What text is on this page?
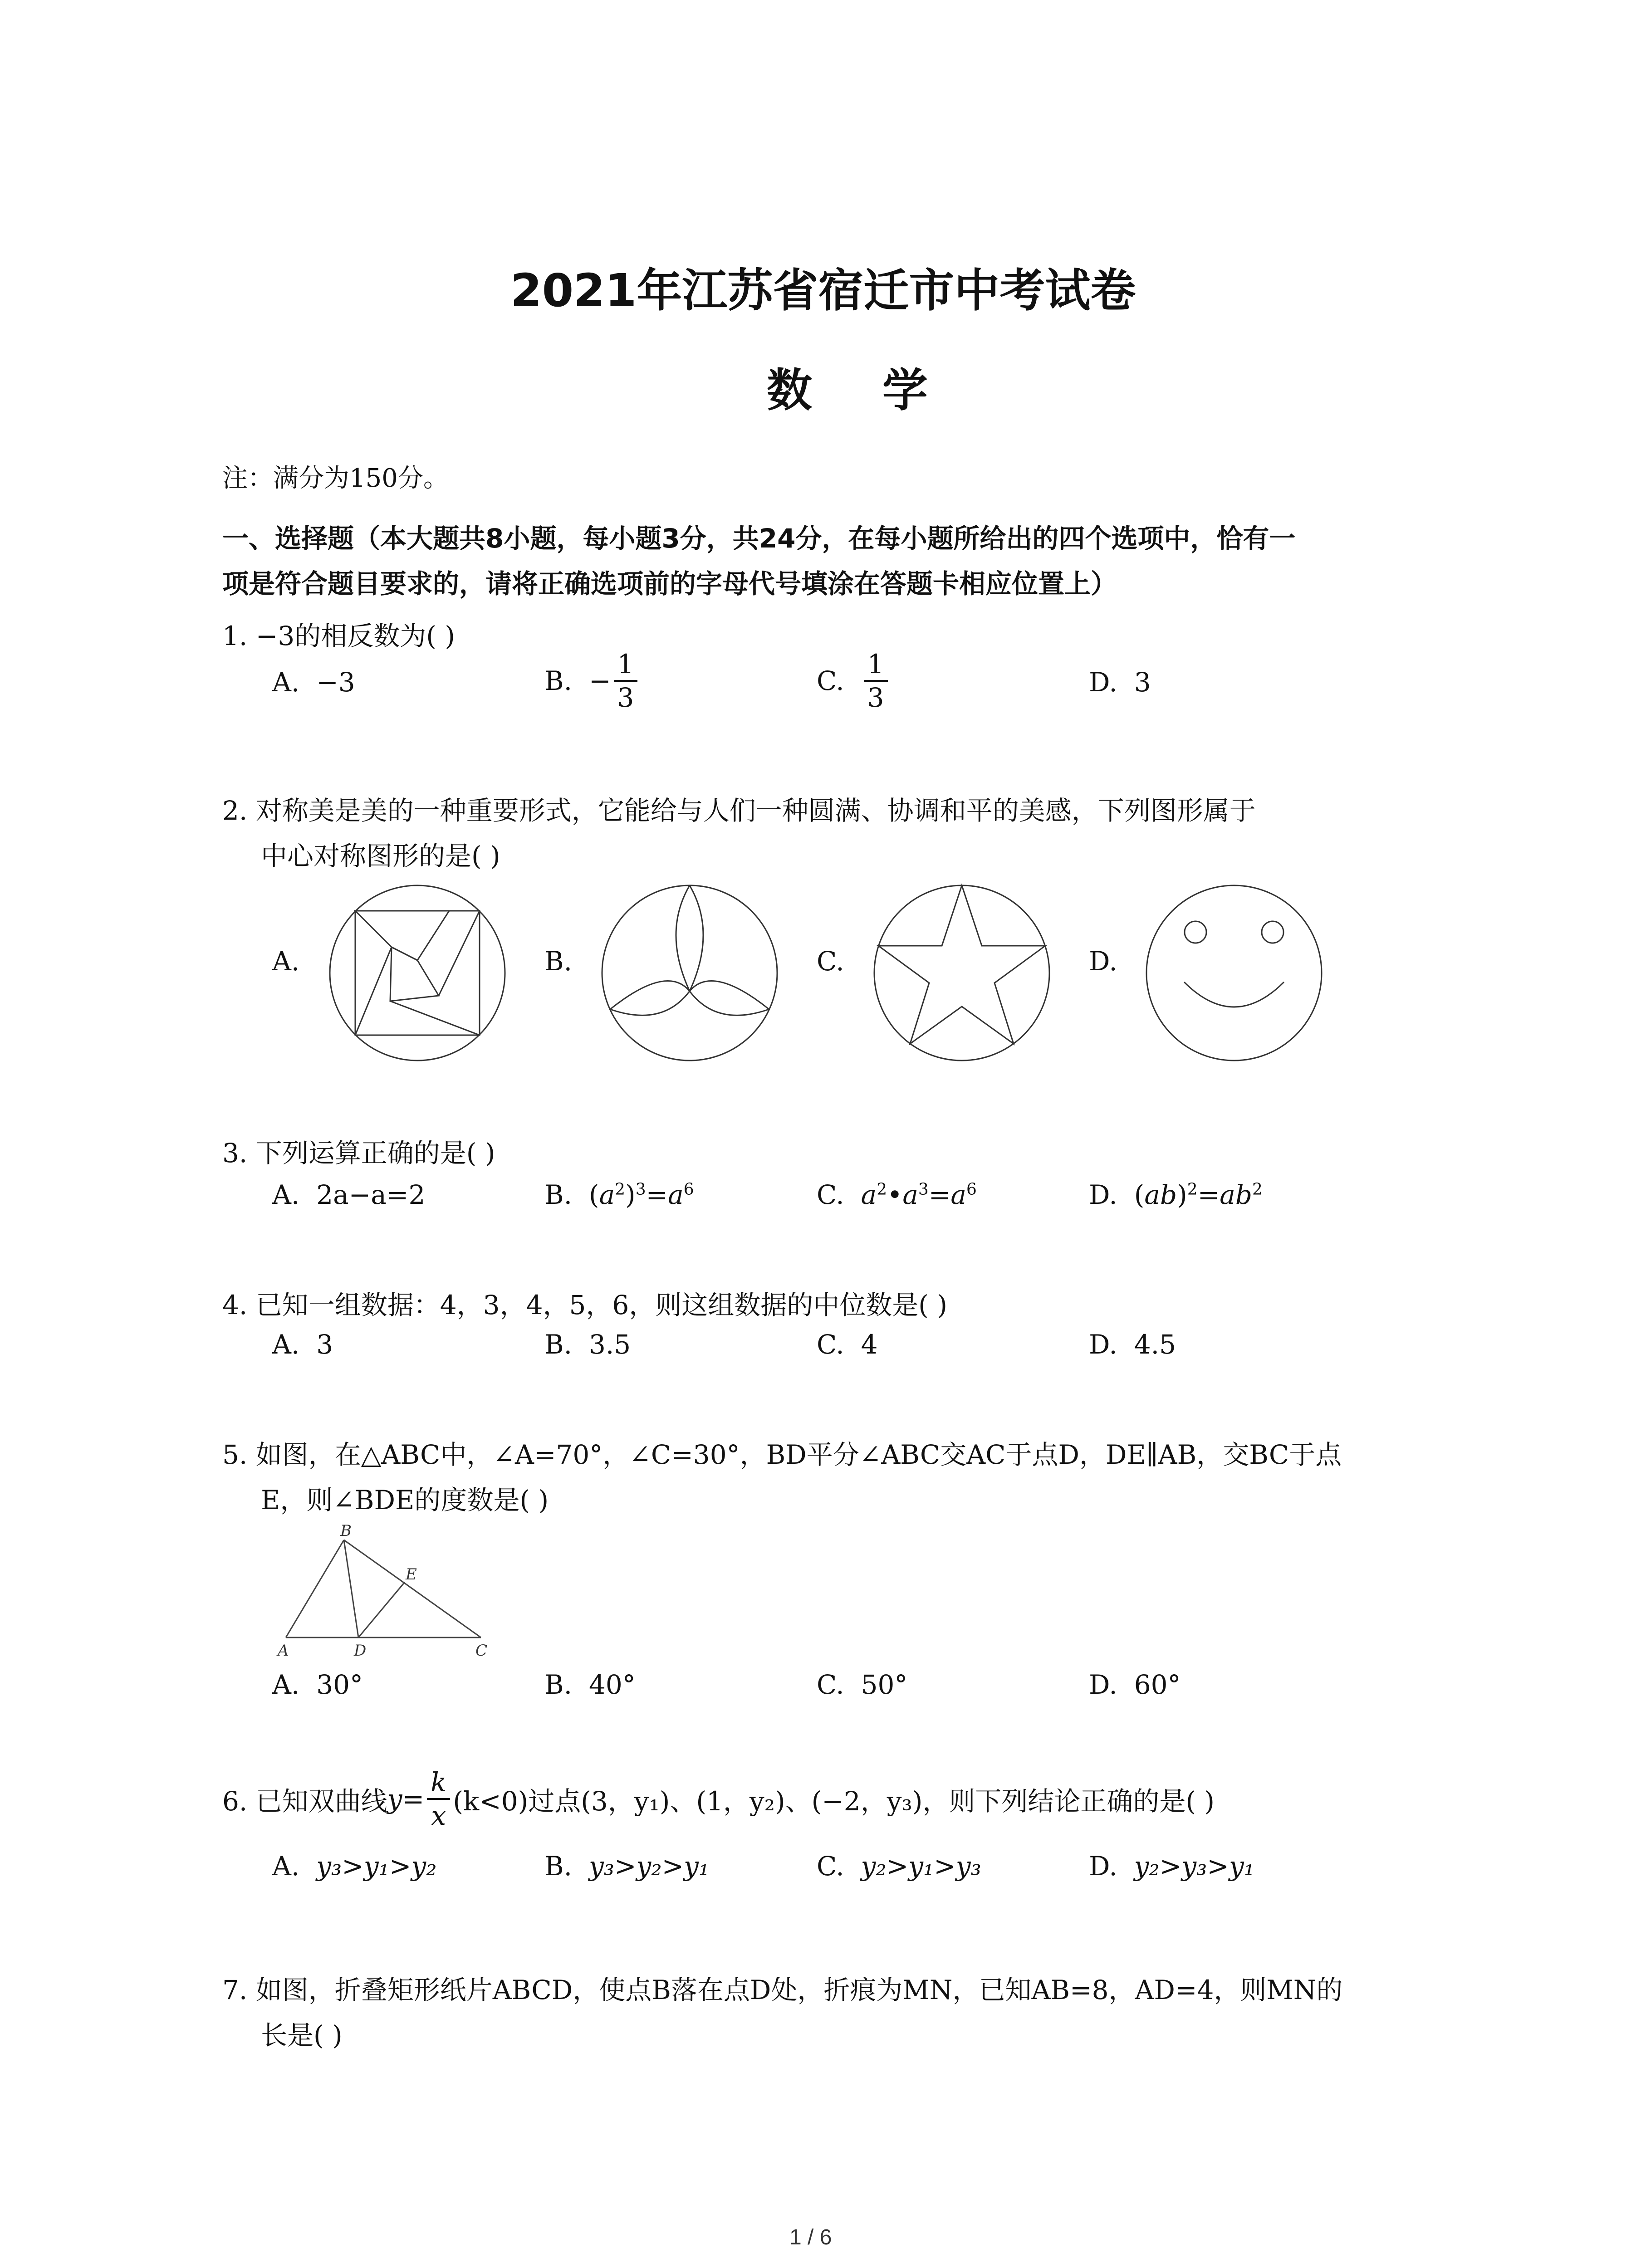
2021年江苏省宿迁市中考试卷
数 学
注：满分为150分。
一、选择题（本大题共8小题，每小题3分，共24分，在每小题所给出的四个选项中，恰有一
项是符合题目要求的，请将正确选项前的字母代号填涂在答题卡相应位置上）
1. −3的相反数为( )
A. −3	B. − $\frac{1}{3}$	C. $\frac{1}{3}$	D. 3
2. 对称美是美的一种重要形式，它能给与人们一种圆满、协调和平的美感，下列图形属于
中心对称图形的是( )
A.	B.	C.	D.
3. 下列运算正确的是( )
A. 2a−a=2	B.  $(a^2)^3=a^6$	C. $a^2•a^3=a^6$	D.  $(ab)^2=ab^2$
4. 已知一组数据：4，3，4，5，6，则这组数据的中位数是( )
A. 3	B. 3.5	C. 4	D. 4.5
5. 如图，在△ABC中，∠A=70°，∠C=30°，BD平分∠ABC交AC于点D，DE∥AB，交BC于点
E，则∠BDE的度数是( )
B
E
A	D	C
A. 30°	B. 40°	C. 50°	D. 60°
6. 已知双曲线$y= \frac{k}{x} (k<0)$过点(3，y₁)、(1，y₂)、(−2，y₃)，则下列结论正确的是( )
A. y₃>y₁>y₂	B. y₃>y₂>y₁	C. y₂>y₁>y₃	D. y₂>y₃>y₁
7. 如图，折叠矩形纸片ABCD，使点B落在点D处，折痕为MN，已知AB=8，AD=4，则MN的
长是( )
1 / 6
